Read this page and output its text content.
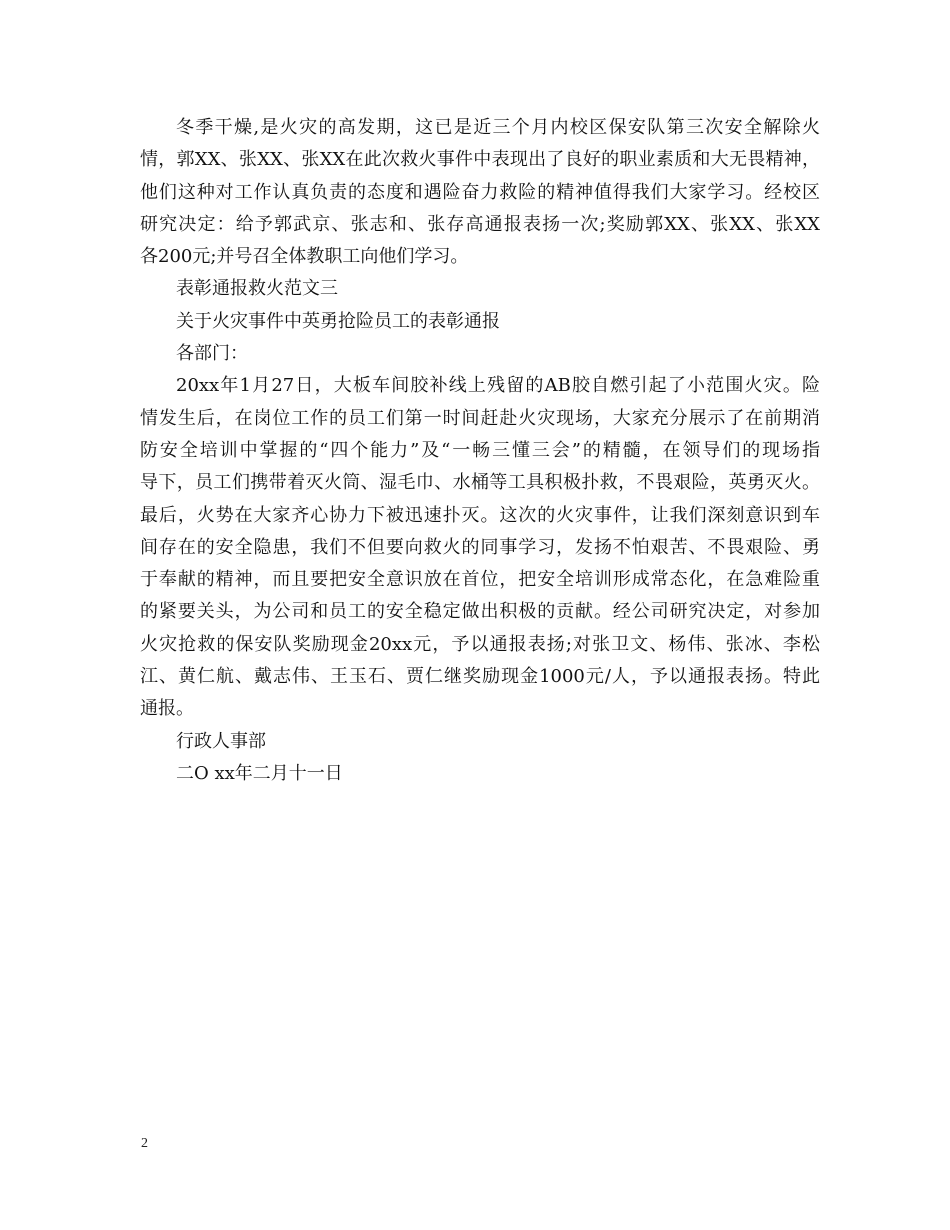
冬季干燥,是火灾的高发期，这已是近三个月内校区保安队第三次安全解除火
情，郭XX、张XX、张XX在此次救火事件中表现出了良好的职业素质和大无畏精神，
他们这种对工作认真负责的态度和遇险奋力救险的精神值得我们大家学习。经校区
研究决定：给予郭武京、张志和、张存高通报表扬一次;奖励郭XX、张XX、张XX
各200元;并号召全体教职工向他们学习。
表彰通报救火范文三
关于火灾事件中英勇抢险员工的表彰通报
各部门：
20xx年1月27日，大板车间胶补线上残留的AB胶自燃引起了小范围火灾。险
情发生后，在岗位工作的员工们第一时间赶赴火灾现场，大家充分展示了在前期消
防安全培训中掌握的“四个能力”及“一畅三懂三会”的精髓，在领导们的现场指
导下，员工们携带着灭火筒、湿毛巾、水桶等工具积极扑救，不畏艰险，英勇灭火。
最后，火势在大家齐心协力下被迅速扑灭。这次的火灾事件，让我们深刻意识到车
间存在的安全隐患，我们不但要向救火的同事学习，发扬不怕艰苦、不畏艰险、勇
于奉献的精神，而且要把安全意识放在首位，把安全培训形成常态化，在急难险重
的紧要关头，为公司和员工的安全稳定做出积极的贡献。经公司研究决定，对参加
火灾抢救的保安队奖励现金20xx元，予以通报表扬;对张卫文、杨伟、张冰、李松
江、黄仁航、戴志伟、王玉石、贾仁继奖励现金1000元/人，予以通报表扬。特此
通报。
行政人事部
二O xx年二月十一日
2
